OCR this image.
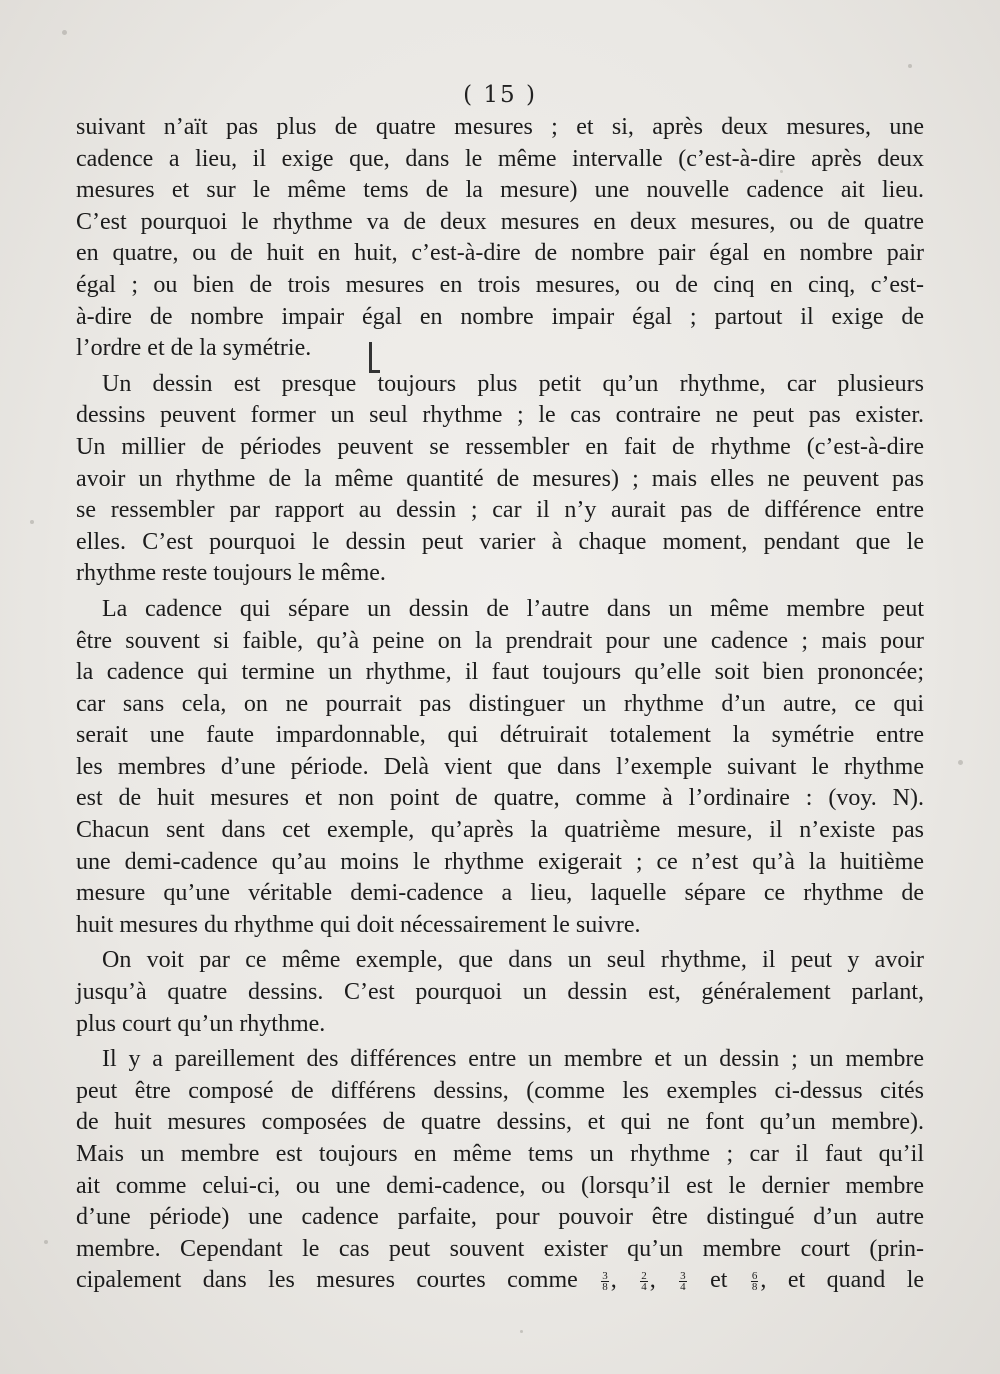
( 15 )
suivant n’aït pas plus de quatre mesures ; et si, après deux mesures, une
cadence a lieu, il exige que, dans le même intervalle (c’est-à-dire après deux
mesures et sur le même tems de la mesure) une nouvelle cadence ait lieu.
C’est pourquoi le rhythme va de deux mesures en deux mesures, ou de quatre
en quatre, ou de huit en huit, c’est-à-dire de nombre pair égal en nombre pair
égal ; ou bien de trois mesures en trois mesures, ou de cinq en cinq, c’est-
à-dire de nombre impair égal en nombre impair égal ; partout il exige de
l’ordre et de la symétrie.
Un dessin est presque toujours plus petit qu’un rhythme, car plusieurs
dessins peuvent former un seul rhythme ; le cas contraire ne peut pas exister.
Un millier de périodes peuvent se ressembler en fait de rhythme (c’est-à-dire
avoir un rhythme de la même quantité de mesures) ; mais elles ne peuvent pas
se ressembler par rapport au dessin ; car il n’y aurait pas de différence entre
elles. C’est pourquoi le dessin peut varier à chaque moment, pendant que le
rhythme reste toujours le même.
La cadence qui sépare un dessin de l’autre dans un même membre peut
être souvent si faible, qu’à peine on la prendrait pour une cadence ; mais pour
la cadence qui termine un rhythme, il faut toujours qu’elle soit bien prononcée;
car sans cela, on ne pourrait pas distinguer un rhythme d’un autre, ce qui
serait une faute impardonnable, qui détruirait totalement la symétrie entre
les membres d’une période. Delà vient que dans l’exemple suivant le rhythme
est de huit mesures et non point de quatre, comme à l’ordinaire : (voy. N).
Chacun sent dans cet exemple, qu’après la quatrième mesure, il n’existe pas
une demi-cadence qu’au moins le rhythme exigerait ; ce n’est qu’à la huitième
mesure qu’une véritable demi-cadence a lieu, laquelle sépare ce rhythme de
huit mesures du rhythme qui doit nécessairement le suivre.
On voit par ce même exemple, que dans un seul rhythme, il peut y avoir
jusqu’à quatre dessins. C’est pourquoi un dessin est, généralement parlant,
plus court qu’un rhythme.
Il y a pareillement des différences entre un membre et un dessin ; un membre
peut être composé de différens dessins, (comme les exemples ci-dessus cités
de huit mesures composées de quatre dessins, et qui ne font qu’un membre).
Mais un membre est toujours en même tems un rhythme ; car il faut qu’il
ait comme celui-ci, ou une demi-cadence, ou (lorsqu’il est le dernier membre
d’une période) une cadence parfaite, pour pouvoir être distingué d’un autre
membre. Cependant le cas peut souvent exister qu’un membre court (prin-
cipalement dans les mesures courtes comme $\frac{3}{8}$ , $\frac{2}{4}$ , $\frac{3}{4}$ et $\frac{6}{8}$ , et quand le
